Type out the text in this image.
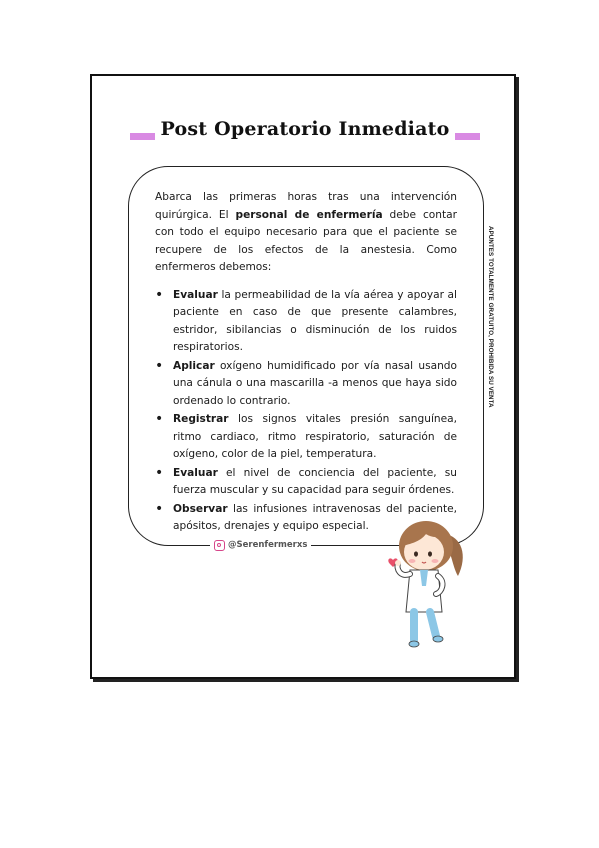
Post Operatorio Inmediato

Abarca las primeras horas tras una intervención quirúrgica. El personal de enfermería debe contar con todo el equipo necesario para que el paciente se recupere de los efectos de la anestesia. Como enfermeros debemos:

• Evaluar la permeabilidad de la vía aérea y apoyar al paciente en caso de que presente calambres, estridor, sibilancias o disminución de los ruidos respiratorios.
• Aplicar oxígeno humidificado por vía nasal usando una cánula o una mascarilla -a menos que haya sido ordenado lo contrario.
• Registrar los signos vitales presión sanguínea, ritmo cardiaco, ritmo respiratorio, saturación de oxígeno, color de la piel, temperatura.
• Evaluar el nivel de conciencia del paciente, su fuerza muscular y su capacidad para seguir órdenes.
• Observar las infusiones intravenosas del paciente, apósitos, drenajes y equipo especial.
APUNTES TOTALMENTE GRATUITO, PROHIBIDA SU VENTA
@Serenfermerxs
